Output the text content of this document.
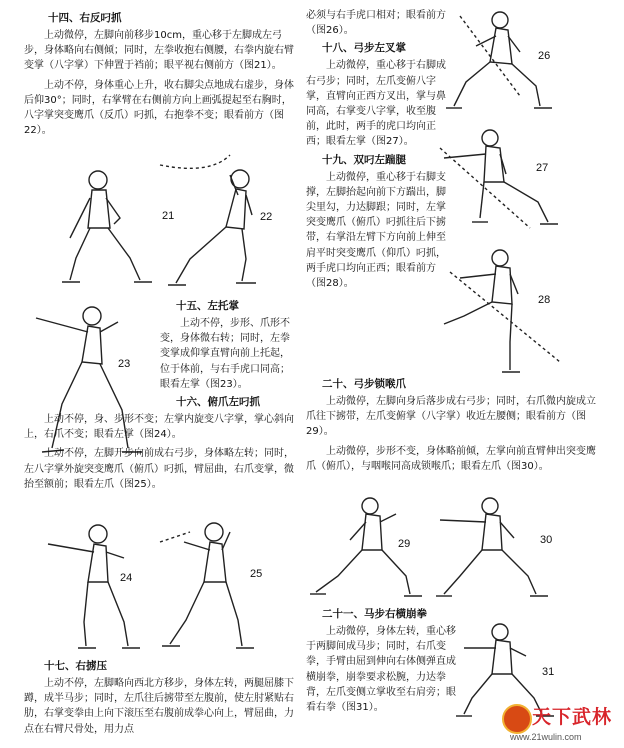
十四、右反叼抓

上动微停，左脚向前移步10cm，重心移于左脚成左弓步，身体略向右侧倾；同时，左拳收抱右侧腰，右拳内旋右臂变掌（八字掌）下伸置于裆前；眼平视右侧前方（图21）。

上动不停，身体重心上升，收右脚尖点地成右虚步，身体后仰30°；同时，右掌臂在右侧前方向上画弧提起至右胸时，八字掌突变鹰爪（反爪）叼抓，右抱拳不变；眼看前方（图22）。

21	22
23
十五、左托掌

上动不停，步形、爪形不变，身体微右转；同时，左拳变掌成仰掌直臂向前上托起，位于体前，与右手虎口同高；眼看左掌（图23）。

十六、俯爪左叼抓

上动不停，身、步形不变；左掌内旋变八字掌，掌心斜向上，右爪不变；眼看左掌（图24）。

上动不停，左脚开步向前成右弓步，身体略左转；同时，左八字掌外旋突变鹰爪（俯爪）叼抓，臂屈曲，右爪变掌，微抬至额前；眼看左爪（图25）。

24	25
十七、右掳压

上动不停，左脚略向西北方移步，身体左转，两腿屈膝下蹲，成半马步；同时，左爪往后掳带至左腹前，使左肘紧贴右肋，右掌变拳由上向下滚压至右腹前成拳心向上，臂屈曲，力点在右臂尺骨处，用力点

必须与右手虎口相对；眼看前方（图26）。

十八、弓步左叉掌

上动微停，重心移于右脚成右弓步；同时，左爪变俯八字掌，直臂向正西方叉出，掌与鼻同高，右掌变八字掌，收至腹前，此时，两手的虎口均向正西；眼看左掌（图27）。

十九、双叼左踹腿

上动微停，重心移于右脚支撑，左脚抬起向前下方踹出，脚尖里勾，力达脚跟；同时，左掌突变鹰爪（俯爪）叼抓往后下掳带，右掌沿左臂下方向前上伸至肩平时突变鹰爪（仰爪）叼抓，两手虎口均向正西；眼看前方（图28）。

26
27
28
二十、弓步锁喉爪

上动微停，左脚向身后落步成右弓步；同时，右爪微内旋成立爪往下掳带，左爪变俯掌（八字掌）收近左腰侧；眼看前方（图29）。

上动微停，步形不变，身体略前倾，左掌向前直臂伸出突变鹰爪（俯爪），与咽喉同高成锁喉爪；眼看左爪（图30）。

29	30
二十一、马步右横崩拳

上动微停，身体左转，重心移于两脚间成马步；同时，右爪变拳，手臂由屈到伸向右体侧弹直成横崩拳，崩拳要求松腕，力达拳背，左爪变侧立掌收至右肩旁；眼看右拳（图31）。

31
天下武林
www.21wulin.com
